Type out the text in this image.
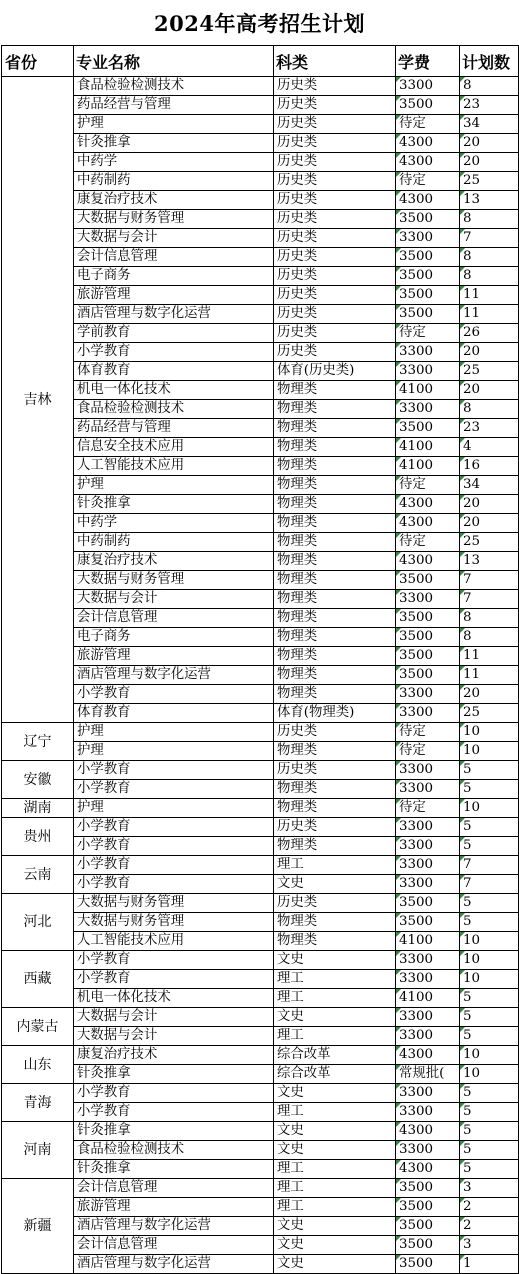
2024年高考招生计划
省份	专业名称	科类	学费	计划数
吉林	食品检验检测技术	历史类	3300	8
	药品经营与管理	历史类	3500	23
	护理	历史类	待定	34
	针灸推拿	历史类	4300	20
	中药学	历史类	4300	20
	中药制药	历史类	待定	25
	康复治疗技术	历史类	4300	13
	大数据与财务管理	历史类	3500	8
	大数据与会计	历史类	3300	7
	会计信息管理	历史类	3500	8
	电子商务	历史类	3500	8
	旅游管理	历史类	3500	11
	酒店管理与数字化运营	历史类	3500	11
	学前教育	历史类	待定	26
	小学教育	历史类	3300	20
	体育教育	体育(历史类)	3300	25
	机电一体化技术	物理类	4100	20
	食品检验检测技术	物理类	3300	8
	药品经营与管理	物理类	3500	23
	信息安全技术应用	物理类	4100	4
	人工智能技术应用	物理类	4100	16
	护理	物理类	待定	34
	针灸推拿	物理类	4300	20
	中药学	物理类	4300	20
	中药制药	物理类	待定	25
	康复治疗技术	物理类	4300	13
	大数据与财务管理	物理类	3500	7
	大数据与会计	物理类	3300	7
	会计信息管理	物理类	3500	8
	电子商务	物理类	3500	8
	旅游管理	物理类	3500	11
	酒店管理与数字化运营	物理类	3500	11
	小学教育	物理类	3300	20
	体育教育	体育(物理类)	3300	25
辽宁	护理	历史类	待定	10
	护理	物理类	待定	10
安徽	小学教育	历史类	3300	5
	小学教育	物理类	3300	5
湖南	护理	物理类	待定	10
贵州	小学教育	历史类	3300	5
	小学教育	物理类	3300	5
云南	小学教育	理工	3300	7
	小学教育	文史	3300	7
河北	大数据与财务管理	历史类	3500	5
	大数据与财务管理	物理类	3500	5
	人工智能技术应用	物理类	4100	10
西藏	小学教育	文史	3300	10
	小学教育	理工	3300	10
	机电一体化技术	理工	4100	5
内蒙古	大数据与会计	文史	3300	5
	大数据与会计	理工	3300	5
山东	康复治疗技术	综合改革	4300	10
	针灸推拿	综合改革	常规批(	10
青海	小学教育	文史	3300	5
	小学教育	理工	3300	5
河南	针灸推拿	文史	4300	5
	食品检验检测技术	文史	3300	5
	针灸推拿	理工	4300	5
新疆	会计信息管理	理工	3500	3
	旅游管理	理工	3500	2
	酒店管理与数字化运营	文史	3500	2
	会计信息管理	文史	3500	3
	酒店管理与数字化运营	文史	3500	1
